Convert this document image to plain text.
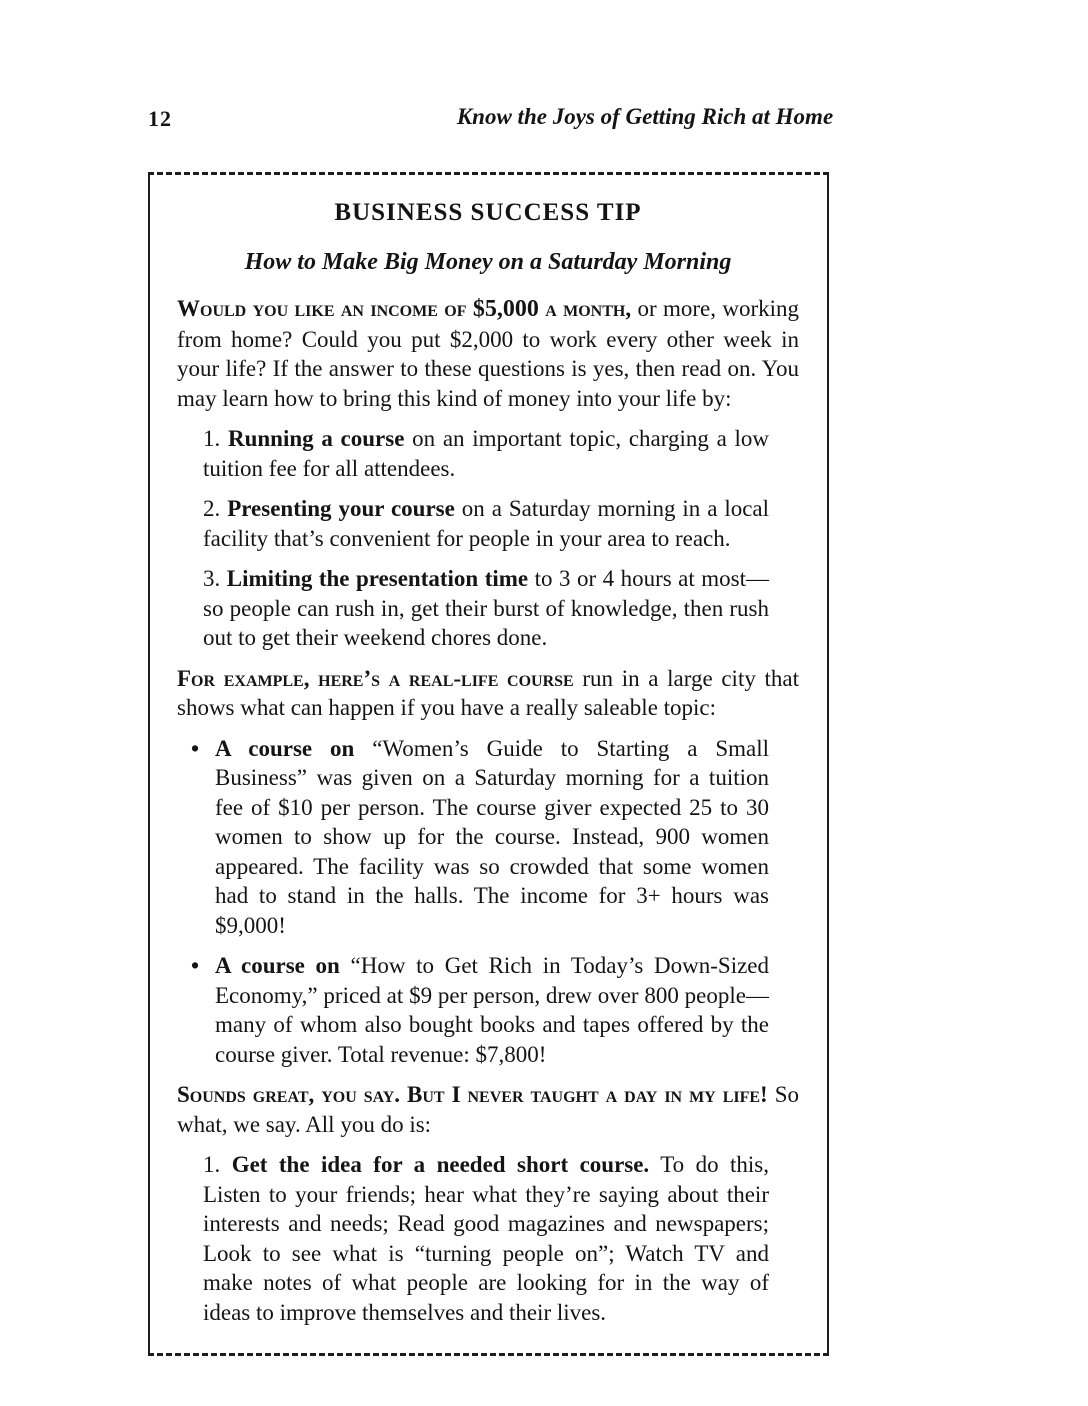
12	Know the Joys of Getting Rich at Home
BUSINESS SUCCESS TIP
How to Make Big Money on a Saturday Morning

Would you like an income of $5,000 a month, or more, working from home? Could you put $2,000 to work every other week in your life? If the answer to these questions is yes, then read on. You may learn how to bring this kind of money into your life by:

1. Running a course on an important topic, charging a low tuition fee for all attendees.

2. Presenting your course on a Saturday morning in a local facility that’s convenient for people in your area to reach.

3. Limiting the presentation time to 3 or 4 hours at most—so people can rush in, get their burst of knowledge, then rush out to get their weekend chores done.

For example, here’s a real-life course run in a large city that shows what can happen if you have a really saleable topic:

• A course on “Women’s Guide to Starting a Small Business” was given on a Saturday morning for a tuition fee of $10 per person. The course giver expected 25 to 30 women to show up for the course. Instead, 900 women appeared. The facility was so crowded that some women had to stand in the halls. The income for 3+ hours was $9,000!

• A course on “How to Get Rich in Today’s Down-Sized Economy,” priced at $9 per person, drew over 800 people—many of whom also bought books and tapes offered by the course giver. Total revenue: $7,800!

Sounds great, you say. But I never taught a day in my life! So what, we say. All you do is:

1. Get the idea for a needed short course. To do this, Listen to your friends; hear what they’re saying about their interests and needs; Read good magazines and newspapers; Look to see what is “turning people on”; Watch TV and make notes of what people are looking for in the way of ideas to improve themselves and their lives.
